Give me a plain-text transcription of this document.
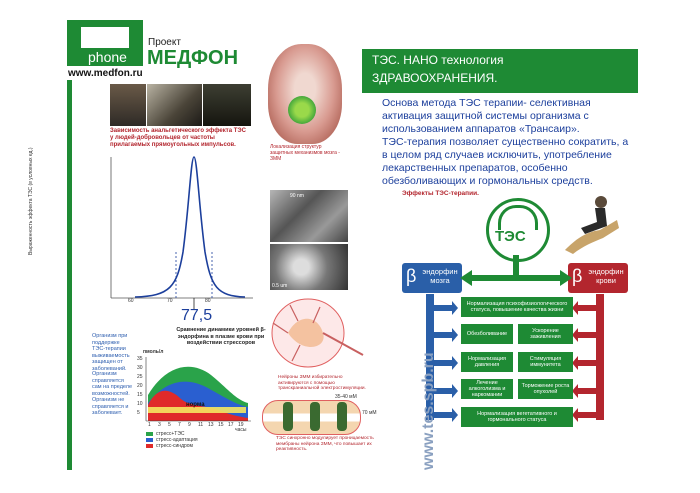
phone
Проект
МЕДФОН
www.medfon.ru
ТЭС. НАНО технология
ЗДРАВООХРАНЕНИЯ.
Основа метода ТЭС терапии- селективная
активация защитной системы организма с
использованием аппаратов «Трансаир».
ТЭС-терапия позволяет существенно сократить, а
в целом ряд случаев исключить, употребление
лекарственных препаратов, особенно
обезболивающих и гормональных средств.
Зависимость анальгетического эффекта ТЭС у людей-добровольцев от частоты прилагаемых прямоугольных импульсов.
Выраженность эффекта ТЭС (в условных ед.)
60	70	80
77,5
Локализация структур защитных механизмов мозга - ЗММ
90 nm
0.5 um
Нейроны ЗММ избирательно активируются с помощью транскраниальной электростимуляции.
35-40 мМ
70 мМ
ТЭС синхронно модулирует проницаемость мембраны нейрона ЗММ, что повышает их реактивность.
Организм при поддержке ТЭС-терапии выживаемость защищен от заболеваний.
Организм справляется сам на пределе возможностей.
Организм не справляется и заболевает.
Сравнение динамики уровней β-эндорфина в плазме крови при воздействии стрессоров
пмоль/л
норма
часы
1 3 5 7 9 11 13 15 17 19
35
30
25
20
15
10
5
стресс+ТЭС
стресс-адаптация
стресс-синдром
Эффекты ТЭС-терапии.
ТЭС
β эндорфин мозга	β эндорфин крови
Нормализация психофизиологического статуса, повышение качества жизни
Обезболивание
Ускорение заживления
Нормализация давления
Стимуляция иммунитета
Лечение алкоголизма и наркомании
Торможение роста опухолей
Нормализация вегетативного и гормонального статуса
www.tes.spb.ru
